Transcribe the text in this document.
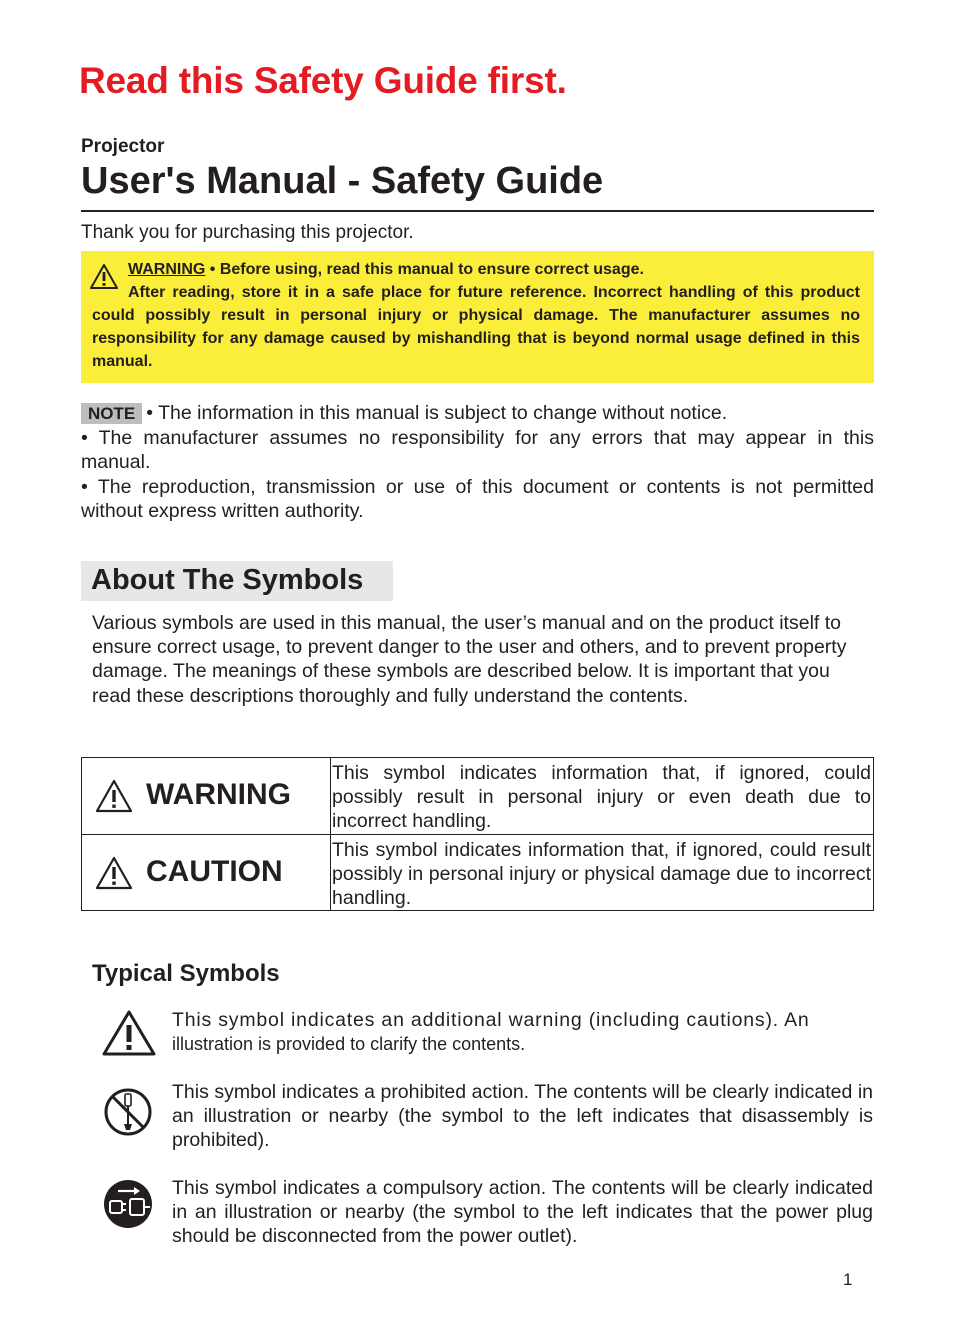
Read this Safety Guide first.
Projector
User's Manual - Safety Guide
Thank you for purchasing this projector.

WARNING • Before using, read this manual to ensure correct usage.
After reading, store it in a safe place for future reference. Incorrect handling of this product could possibly result in personal injury or physical damage. The manufacturer assumes no responsibility for any damage caused by mishandling that is beyond normal usage defined in this manual.

NOTE • The information in this manual is subject to change without notice.

• The manufacturer assumes no responsibility for any errors that may appear in this manual.

• The reproduction, transmission or use of this document or contents is not permitted without express written authority.

About The Symbols

Various symbols are used in this manual, the user’s manual and on the product itself to ensure correct usage, to prevent danger to the user and others, and to prevent property damage. The meanings of these symbols are described below. It is important that you read these descriptions thoroughly and fully understand the contents.

WARNING

This symbol indicates information that, if ignored, could possibly result in personal injury or even death due to incorrect handling.

CAUTION

This symbol indicates information that, if ignored, could result possibly in personal injury or physical damage due to incorrect handling.

Typical Symbols

This symbol indicates an additional warning (including cautions). An
illustration is provided to clarify the contents.

This symbol indicates a prohibited action. The contents will be clearly indicated in an illustration or nearby (the symbol to the left indicates that disassembly is prohibited).

This symbol indicates a compulsory action. The contents will be clearly indicated in an illustration or nearby (the symbol to the left indicates that the power plug should be disconnected from the power outlet).

1
